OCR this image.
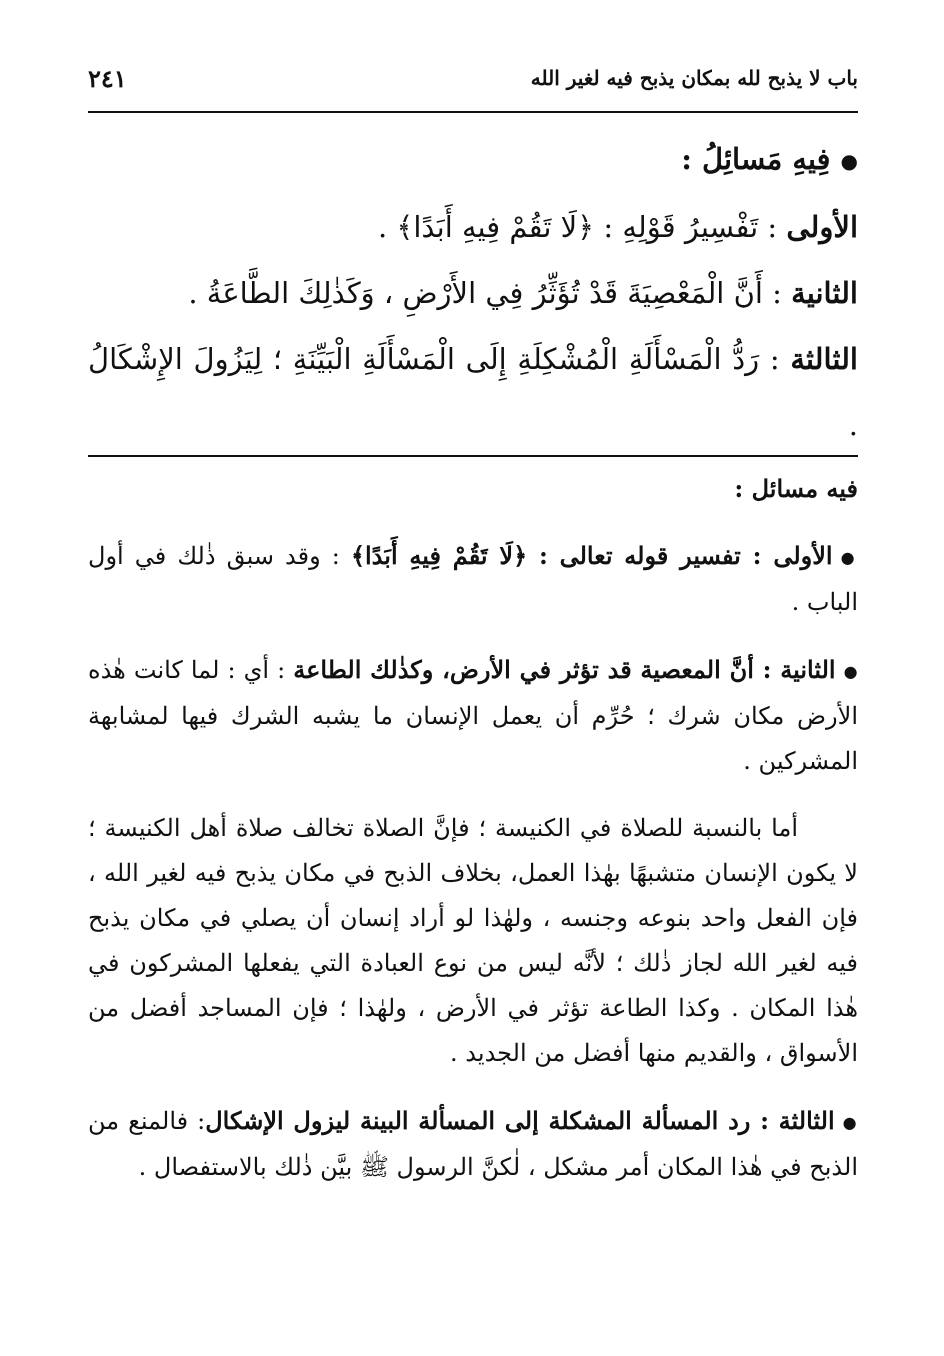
باب لا يذبح لله بمكان يذبح فيه لغير الله
٢٤١

●فِيهِ مَسائِلُ :

الأولى : تَفْسِيرُ قَوْلِهِ : ﴿لَا تَقُمْ فِيهِ أَبَدًا﴾ .

الثانية : أَنَّ الْمَعْصِيَةَ قَدْ تُؤَثِّرُ فِي الأَرْضِ ، وَكَذٰلِكَ الطَّاعَةُ .

الثالثة : رَدُّ الْمَسْأَلَةِ الْمُشْكِلَةِ إِلَى الْمَسْأَلَةِ الْبَيِّنَةِ ؛ لِيَزُولَ الإِشْكَالُ .

فيه مسائل :

●الأولى : تفسير قوله تعالى : ﴿لَا تَقُمْ فِيهِ أَبَدًا﴾ : وقد سبق ذٰلك في أول الباب .

●الثانية : أنَّ المعصية قد تؤثر في الأرض، وكذٰلك الطاعة : أي : لما كانت هٰذه الأرض مكان شرك ؛ حُرِّم أن يعمل الإنسان ما يشبه الشرك فيها لمشابهة المشركين .

أما بالنسبة للصلاة في الكنيسة ؛ فإنَّ الصلاة تخالف صلاة أهل الكنيسة ؛ لا يكون الإنسان متشبهًا بهٰذا العمل، بخلاف الذبح في مكان يذبح فيه لغير الله ، فإن الفعل واحد بنوعه وجنسه ، ولهٰذا لو أراد إنسان أن يصلي في مكان يذبح فيه لغير الله لجاز ذٰلك ؛ لأنَّه ليس من نوع العبادة التي يفعلها المشركون في هٰذا المكان . وكذا الطاعة تؤثر في الأرض ، ولهٰذا ؛ فإن المساجد أفضل من الأسواق ، والقديم منها أفضل من الجديد .

●الثالثة : رد المسألة المشكلة إلى المسألة البينة ليزول الإشكال: فالمنع من الذبح في هٰذا المكان أمر مشكل ، لٰكنَّ الرسول ﷺ بيَّن ذٰلك بالاستفصال .
